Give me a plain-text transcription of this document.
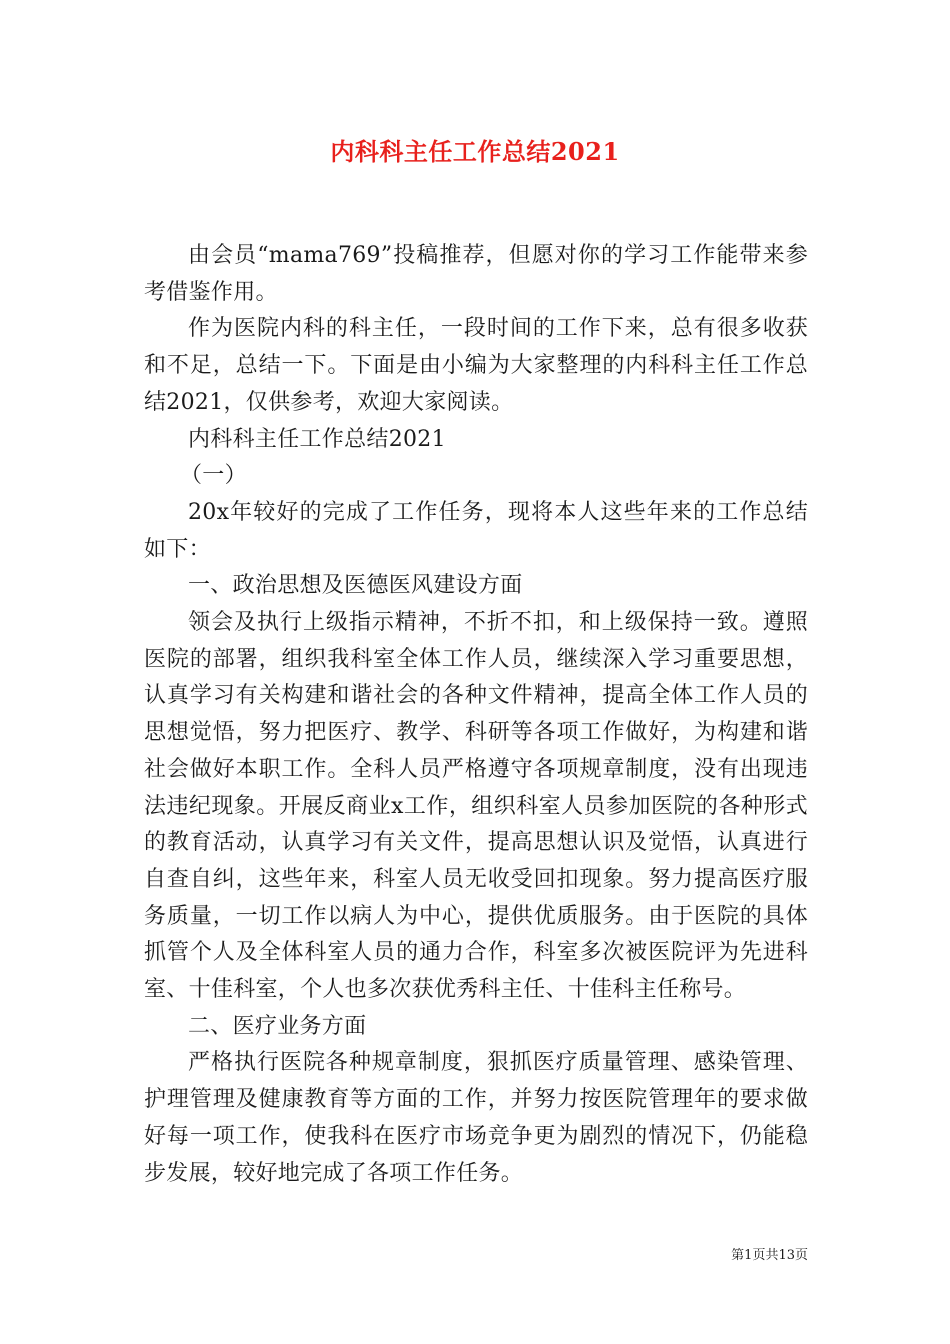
内科科主任工作总结2021

由会员“mama769”投稿推荐，但愿对你的学习工作能带来参考借鉴作用。

作为医院内科的科主任，一段时间的工作下来，总有很多收获和不足，总结一下。下面是由小编为大家整理的内科科主任工作总结2021，仅供参考，欢迎大家阅读。

内科科主任工作总结2021

（一）

20x年较好的完成了工作任务，现将本人这些年来的工作总结如下：

一、政治思想及医德医风建设方面

领会及执行上级指示精神，不折不扣，和上级保持一致。遵照医院的部署，组织我科室全体工作人员，继续深入学习重要思想，认真学习有关构建和谐社会的各种文件精神，提高全体工作人员的思想觉悟，努力把医疗、教学、科研等各项工作做好，为构建和谐社会做好本职工作。全科人员严格遵守各项规章制度，没有出现违法违纪现象。开展反商业x工作，组织科室人员参加医院的各种形式的教育活动，认真学习有关文件，提高思想认识及觉悟，认真进行自查自纠，这些年来，科室人员无收受回扣现象。努力提高医疗服务质量，一切工作以病人为中心，提供优质服务。由于医院的具体抓管个人及全体科室人员的通力合作，科室多次被医院评为先进科室、十佳科室，个人也多次获优秀科主任、十佳科主任称号。

二、医疗业务方面

严格执行医院各种规章制度，狠抓医疗质量管理、感染管理、护理管理及健康教育等方面的工作，并努力按医院管理年的要求做好每一项工作，使我科在医疗市场竞争更为剧烈的情况下，仍能稳步发展，较好地完成了各项工作任务。

第1页共13页
